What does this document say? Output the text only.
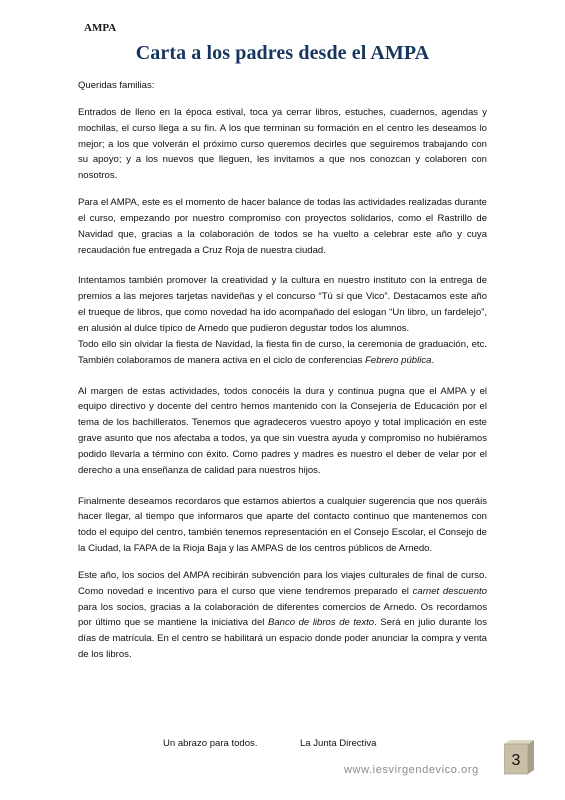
AMPA
Carta a los padres desde el AMPA

Queridas familias:

Entrados de lleno en la época estival, toca ya cerrar libros, estuches, cuadernos, agendas y mochilas, el curso llega a su fin. A los que terminan su formación en el centro les deseamos lo mejor; a los que volverán el próximo curso queremos decirles que seguiremos trabajando con su apoyo; y a los nuevos que lleguen, les invitamos a que nos conozcan y colaboren con nosotros.

Para el AMPA, este es el momento de hacer balance de todas las actividades realizadas durante el curso, empezando por nuestro compromiso con proyectos solidarios, como el Rastrillo de Navidad que, gracias a la colaboración de todos se ha vuelto a celebrar este año y cuya recaudación fue entregada a Cruz Roja de nuestra ciudad.

Intentamos también promover la creatividad y la cultura en nuestro instituto con la entrega de premios a las mejores tarjetas navideñas y el concurso “Tú sí que Vico”. Destacamos este año el trueque de libros, que como novedad ha ido acompañado del eslogan “Un libro, un fardelejo”, en alusión al dulce típico de Arnedo que pudieron degustar todos los alumnos.

Todo ello sin olvidar la fiesta de Navidad, la fiesta fin de curso, la ceremonia de graduación, etc. También colaboramos de manera activa en el ciclo de conferencias Febrero pública.

Al margen de estas actividades, todos conocéis la dura y continua pugna que el AMPA y el equipo directivo y docente del centro hemos mantenido con la Consejería de Educación por el tema de los bachilleratos. Tenemos que agradeceros vuestro apoyo y total implicación en este grave asunto que nos afectaba a todos, ya que sin vuestra ayuda y compromiso no hubiéramos podido llevarla a término con éxito. Como padres y madres es nuestro el deber de velar por el derecho a una enseñanza de calidad para nuestros hijos.

Finalmente deseamos recordaros que estamos abiertos a cualquier sugerencia que nos queráis hacer llegar, al tiempo que informaros que aparte del contacto continuo que mantenemos con todo el equipo del centro, también tenemos representación en el Consejo Escolar, el Consejo de la Ciudad, la FAPA de la Rioja Baja y las AMPAS de los centros públicos de Arnedo.

Este año, los socios del AMPA recibirán subvención para los viajes culturales de final de curso. Como novedad e incentivo para el curso que viene tendremos preparado el carnet descuento para los socios, gracias a la colaboración de diferentes comercios de Arnedo. Os recordamos por último que se mantiene la iniciativa del Banco de libros de texto. Será en julio durante los días de matrícula. En el centro se habilitará un espacio donde poder anunciar la compra y venta de los libros.

Un abrazo para todos.	La Junta Directiva
www.iesvirgendevico.org
3
